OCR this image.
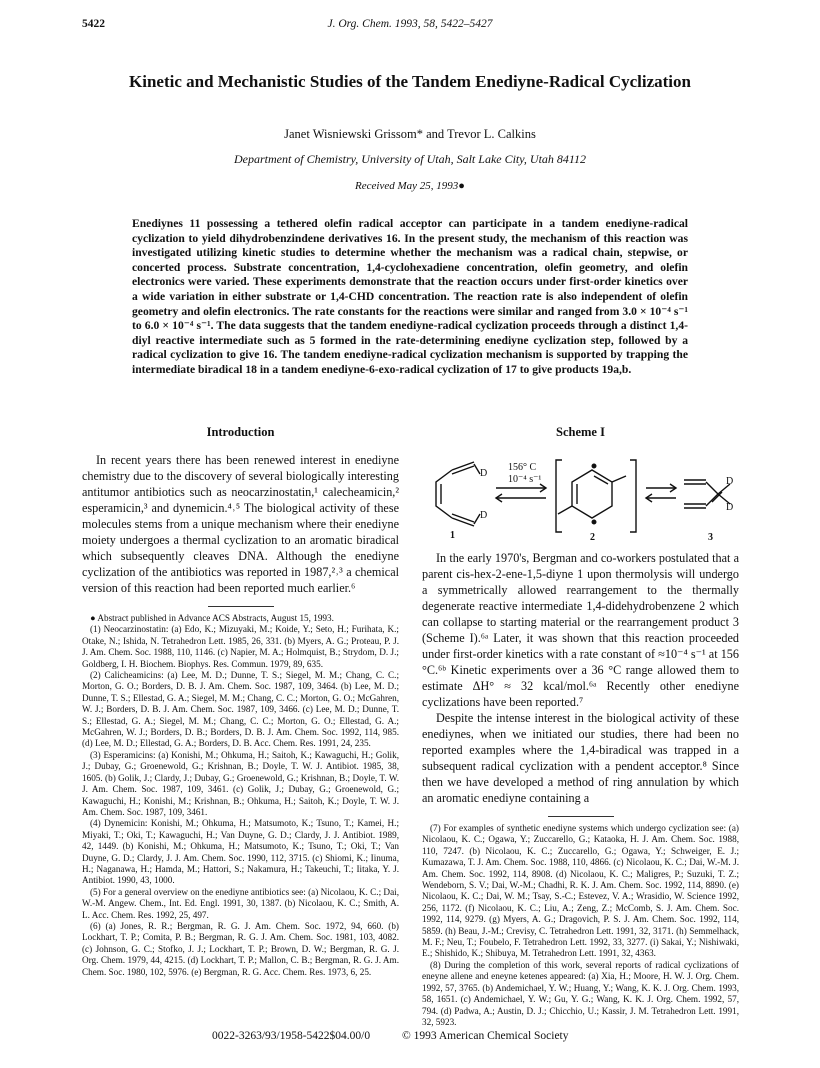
5422	J. Org. Chem. 1993, 58, 5422–5427
Kinetic and Mechanistic Studies of the Tandem Enediyne-Radical Cyclization
Janet Wisniewski Grissom* and Trevor L. Calkins
Department of Chemistry, University of Utah, Salt Lake City, Utah 84112
Received May 25, 1993●
Enediynes 11 possessing a tethered olefin radical acceptor can participate in a tandem enediyne-radical cyclization to yield dihydrobenzindene derivatives 16. In the present study, the mechanism of this reaction was investigated utilizing kinetic studies to determine whether the mechanism was a radical chain, stepwise, or concerted process. Substrate concentration, 1,4-cyclohexadiene concentration, olefin geometry, and olefin electronics were varied. These experiments demonstrate that the reaction occurs under first-order kinetics over a wide variation in either substrate or 1,4-CHD concentration. The reaction rate is also independent of olefin geometry and olefin electronics. The rate constants for the reactions were similar and ranged from 3.0 × 10⁻⁴ s⁻¹ to 6.0 × 10⁻⁴ s⁻¹. The data suggests that the tandem enediyne-radical cyclization proceeds through a distinct 1,4-diyl reactive intermediate such as 5 formed in the rate-determining enediyne cyclization step, followed by a radical cyclization to give 16. The tandem enediyne-radical cyclization mechanism is supported by trapping the intermediate biradical 18 in a tandem enediyne-6-exo-radical cyclization of 17 to give products 19a,b.
Introduction

In recent years there has been renewed interest in enediyne chemistry due to the discovery of several biologically interesting antitumor antibiotics such as neocarzinostatin,¹ calecheamicin,² esperamicin,³ and dynemicin.⁴˒⁵ The biological activity of these molecules stems from a unique mechanism where their enediyne moiety undergoes a thermal cyclization to an aromatic biradical which subsequently cleaves DNA. Although the enediyne cyclization of the antibiotics was reported in 1987,²˒³ a chemical version of this reaction had been reported much earlier.⁶

● Abstract published in Advance ACS Abstracts, August 15, 1993.

(1) Neocarzinostatin: (a) Edo, K.; Mizuyaki, M.; Koide, Y.; Seto, H.; Furihata, K.; Otake, N.; Ishida, N. Tetrahedron Lett. 1985, 26, 331. (b) Myers, A. G.; Proteau, P. J. J. Am. Chem. Soc. 1988, 110, 1146. (c) Napier, M. A.; Holmquist, B.; Strydom, D. J.; Goldberg, I. H. Biochem. Biophys. Res. Commun. 1979, 89, 635.

(2) Calicheamicins: (a) Lee, M. D.; Dunne, T. S.; Siegel, M. M.; Chang, C. C.; Morton, G. O.; Borders, D. B. J. Am. Chem. Soc. 1987, 109, 3464. (b) Lee, M. D.; Dunne, T. S.; Ellestad, G. A.; Siegel, M. M.; Chang, C. C.; Morton, G. O.; McGahren, W. J.; Borders, D. B. J. Am. Chem. Soc. 1987, 109, 3466. (c) Lee, M. D.; Dunne, T. S.; Ellestad, G. A.; Siegel, M. M.; Chang, C. C.; Morton, G. O.; Ellestad, G. A.; McGahren, W. J.; Borders, D. B.; Borders, D. B. J. Am. Chem. Soc. 1992, 114, 985. (d) Lee, M. D.; Ellestad, G. A.; Borders, D. B. Acc. Chem. Res. 1991, 24, 235.

(3) Esperamicins: (a) Konishi, M.; Ohkuma, H.; Saitoh, K.; Kawaguchi, H.; Golik, J.; Dubay, G.; Groenewold, G.; Krishnan, B.; Doyle, T. W. J. Antibiot. 1985, 38, 1605. (b) Golik, J.; Clardy, J.; Dubay, G.; Groenewold, G.; Krishnan, B.; Doyle, T. W. J. Am. Chem. Soc. 1987, 109, 3461. (c) Golik, J.; Dubay, G.; Groenewold, G.; Kawaguchi, H.; Konishi, M.; Krishnan, B.; Ohkuma, H.; Saitoh, K.; Doyle, T. W. J. Am. Chem. Soc. 1987, 109, 3461.

(4) Dynemicin: Konishi, M.; Ohkuma, H.; Matsumoto, K.; Tsuno, T.; Kamei, H.; Miyaki, T.; Oki, T.; Kawaguchi, H.; Van Duyne, G. D.; Clardy, J. J. Antibiot. 1989, 42, 1449. (b) Konishi, M.; Ohkuma, H.; Matsumoto, K.; Tsuno, T.; Oki, T.; Van Duyne, G. D.; Clardy, J. J. Am. Chem. Soc. 1990, 112, 3715. (c) Shiomi, K.; Iinuma, H.; Naganawa, H.; Hamda, M.; Hattori, S.; Nakamura, H.; Takeuchi, T.; Iitaka, Y. J. Antibiot. 1990, 43, 1000.

(5) For a general overview on the enediyne antibiotics see: (a) Nicolaou, K. C.; Dai, W.-M. Angew. Chem., Int. Ed. Engl. 1991, 30, 1387. (b) Nicolaou, K. C.; Smith, A. L. Acc. Chem. Res. 1992, 25, 497.

(6) (a) Jones, R. R.; Bergman, R. G. J. Am. Chem. Soc. 1972, 94, 660. (b) Lockhart, T. P.; Comita, P. B.; Bergman, R. G. J. Am. Chem. Soc. 1981, 103, 4082. (c) Johnson, G. C.; Stofko, J. J.; Lockhart, T. P.; Brown, D. W.; Bergman, R. G. J. Org. Chem. 1979, 44, 4215. (d) Lockhart, T. P.; Mallon, C. B.; Bergman, R. G. J. Am. Chem. Soc. 1980, 102, 5976. (e) Bergman, R. G. Acc. Chem. Res. 1973, 6, 25.

Scheme I
156° C
10⁻⁴ s⁻¹
D
D
D
D
1	2	3

In the early 1970's, Bergman and co-workers postulated that a parent cis-hex-2-ene-1,5-diyne 1 upon thermolysis will undergo a symmetrically allowed rearrangement to the thermally degenerate reactive intermediate 1,4-didehydrobenzene 2 which can collapse to starting material or the rearrangement product 3 (Scheme I).⁶ᵃ Later, it was shown that this reaction proceeded under first-order kinetics with a rate constant of ≈10⁻⁴ s⁻¹ at 156 °C.⁶ᵇ Kinetic experiments over a 36 °C range allowed them to estimate ΔH° ≈ 32 kcal/mol.⁶ᵃ Recently other enediyne cyclizations have been reported.⁷

Despite the intense interest in the biological activity of these enediynes, when we initiated our studies, there had been no reported examples where the 1,4-biradical was trapped in a subsequent radical cyclization with a pendent acceptor.⁸ Since then we have developed a method of ring annulation by which an aromatic enediyne containing a

(7) For examples of synthetic enediyne systems which undergo cyclization see: (a) Nicolaou, K. C.; Ogawa, Y.; Zuccarello, G.; Kataoka, H. J. Am. Chem. Soc. 1988, 110, 7247. (b) Nicolaou, K. C.; Zuccarello, G.; Ogawa, Y.; Schweiger, E. J.; Kumazawa, T. J. Am. Chem. Soc. 1988, 110, 4866. (c) Nicolaou, K. C.; Dai, W.-M. J. Am. Chem. Soc. 1992, 114, 8908. (d) Nicolaou, K. C.; Maligres, P.; Suzuki, T. Z.; Wendeborn, S. V.; Dai, W.-M.; Chadhi, R. K. J. Am. Chem. Soc. 1992, 114, 8890. (e) Nicolaou, K. C.; Dai, W. M.; Tsay, S.-C.; Estevez, V. A.; Wrasidio, W. Science 1992, 256, 1172. (f) Nicolaou, K. C.; Liu, A.; Zeng, Z.; McComb, S. J. Am. Chem. Soc. 1992, 114, 9279. (g) Myers, A. G.; Dragovich, P. S. J. Am. Chem. Soc. 1992, 114, 5859. (h) Beau, J.-M.; Crevisy, C. Tetrahedron Lett. 1991, 32, 3171. (h) Semmelhack, M. F.; Neu, T.; Foubelo, F. Tetrahedron Lett. 1992, 33, 3277. (i) Sakai, Y.; Nishiwaki, E.; Shishido, K.; Shibuya, M. Tetrahedron Lett. 1991, 32, 4363.

(8) During the completion of this work, several reports of radical cyclizations of eneyne allene and eneyne ketenes appeared: (a) Xia, H.; Moore, H. W. J. Org. Chem. 1992, 57, 3765. (b) Andemichael, Y. W.; Huang, Y.; Wang, K. K. J. Org. Chem. 1993, 58, 1651. (c) Andemichael, Y. W.; Gu, Y. G.; Wang, K. K. J. Org. Chem. 1992, 57, 794. (d) Padwa, A.; Austin, D. J.; Chicchio, U.; Kassir, J. M. Tetrahedron Lett. 1991, 32, 5923.

0022-3263/93/1958-5422$04.00/0	© 1993 American Chemical Society
